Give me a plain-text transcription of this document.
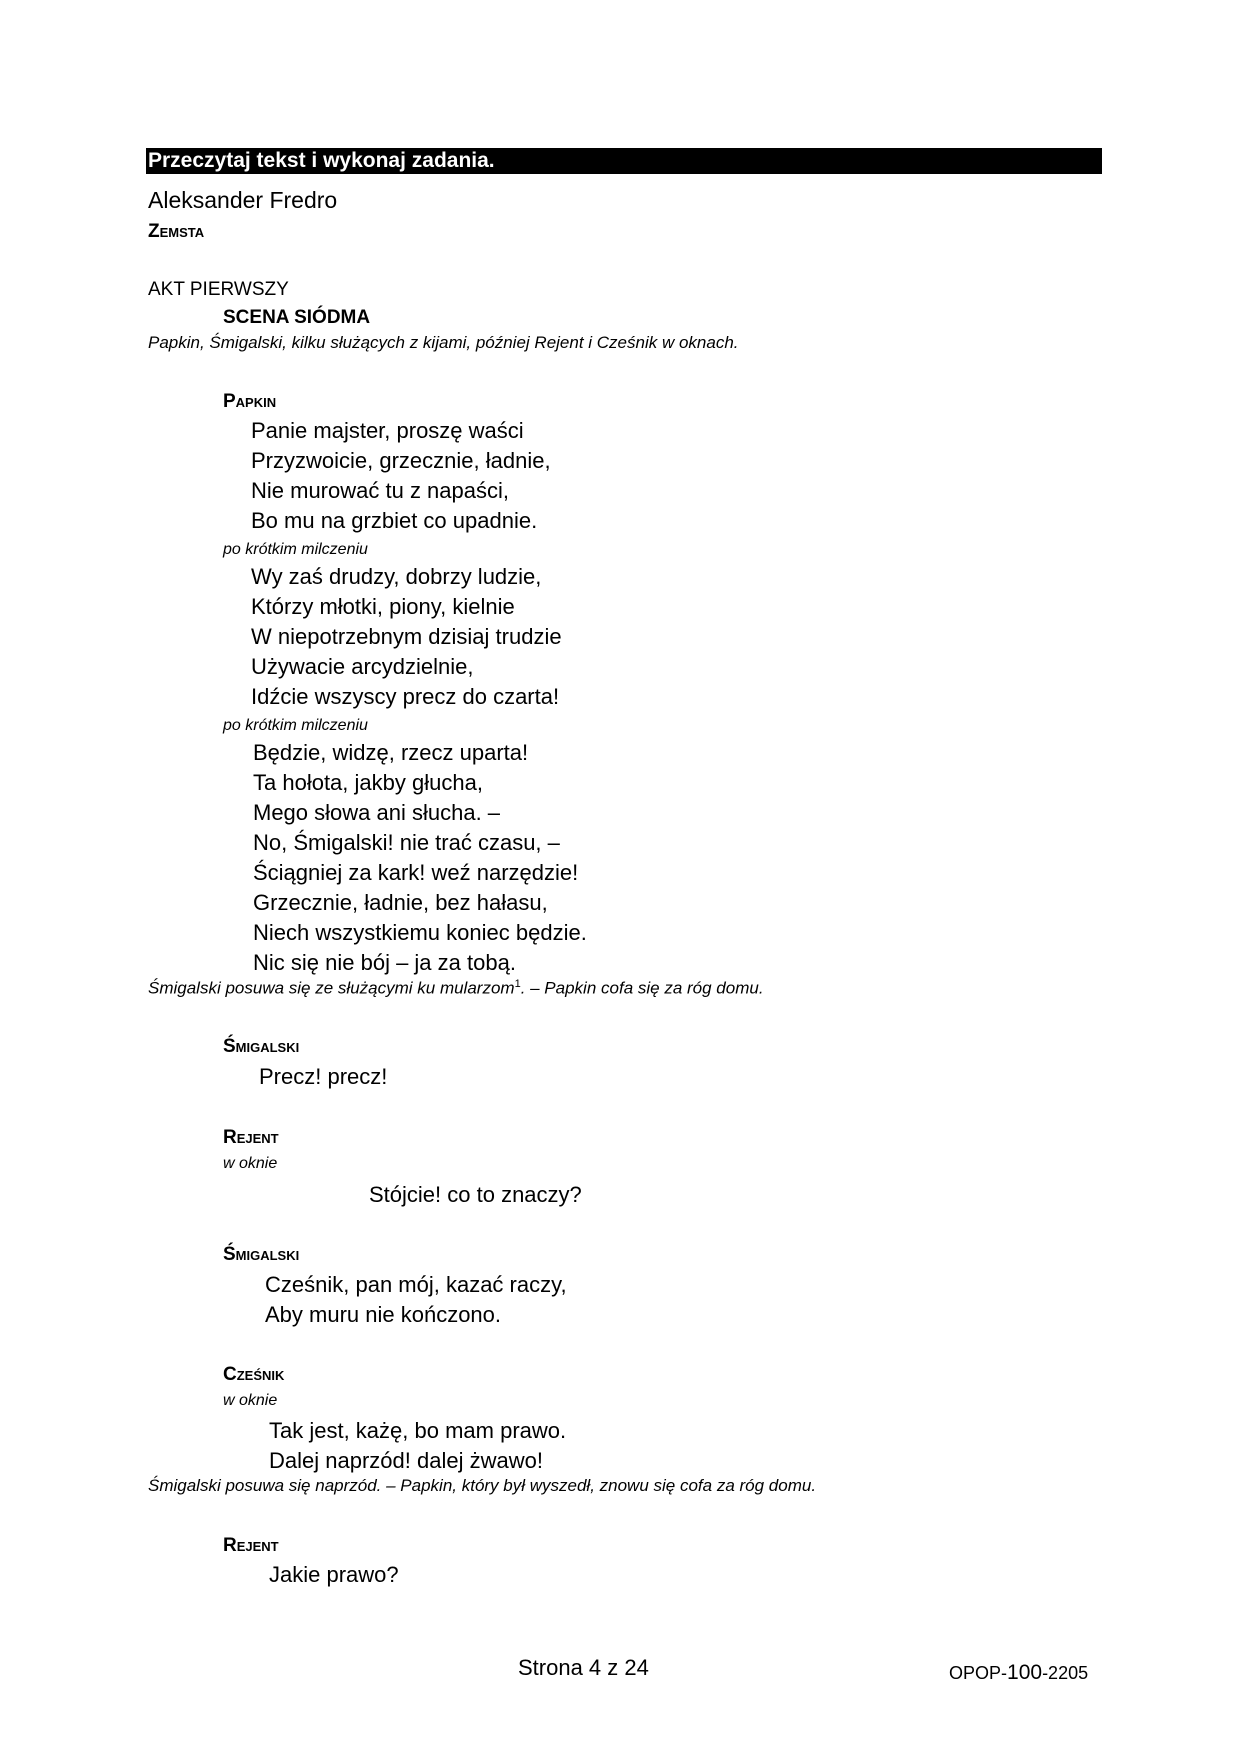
Przeczytaj tekst i wykonaj zadania.
Aleksander Fredro
Zemsta
AKT PIERWSZY
SCENA SIÓDMA
Papkin, Śmigalski, kilku służących z kijami, później Rejent i Cześnik w oknach.
Papkin
Panie majster, proszę waści
Przyzwoicie, grzecznie, ładnie,
Nie murować tu z napaści,
Bo mu na grzbiet co upadnie.
po krótkim milczeniu
Wy zaś drudzy, dobrzy ludzie,
Którzy młotki, piony, kielnie
W niepotrzebnym dzisiaj trudzie
Używacie arcydzielnie,
Idźcie wszyscy precz do czarta!
po krótkim milczeniu
Będzie, widzę, rzecz uparta!
Ta hołota, jakby głucha,
Mego słowa ani słucha. –
No, Śmigalski! nie trać czasu, –
Ściągniej za kark! weź narzędzie!
Grzecznie, ładnie, bez hałasu,
Niech wszystkiemu koniec będzie.
Nic się nie bój – ja za tobą.
Śmigalski posuwa się ze służącymi ku mularzom$^1$. – Papkin cofa się za róg domu.
Śmigalski
Precz! precz!
Rejent
w oknie
Stójcie! co to znaczy?
Śmigalski
Cześnik, pan mój, kazać raczy,
Aby muru nie kończono.
Cześnik
w oknie
Tak jest, każę, bo mam prawo.
Dalej naprzód! dalej żwawo!
Śmigalski posuwa się naprzód. – Papkin, który był wyszedł, znowu się cofa za róg domu.
Rejent
Jakie prawo?
Strona 4 z 24	OPOP-100-2205
